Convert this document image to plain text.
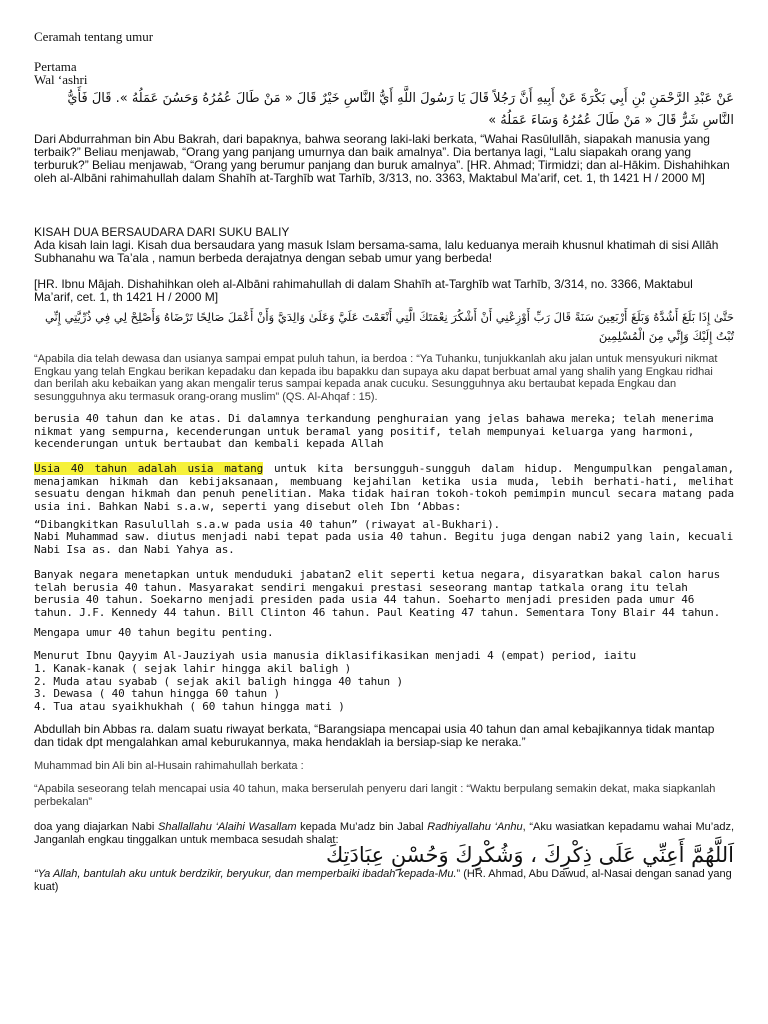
Ceramah tentang umur
Pertama
Wal ‘ashri
عَنْ عَبْدِ الرَّحْمَنِ بْنِ أَبِي بَكْرَةَ عَنْ أَبِيهِ أَنَّ رَجُلاً قَالَ يَا رَسُولَ اللَّهِ أَيُّ النَّاسِ خَيْرٌ قَالَ « مَنْ طَالَ عُمُرُهُ وَحَسُنَ عَمَلُهُ ». قَالَ فَأَيُّ النَّاسِ شَرٌّ قَالَ « مَنْ طَالَ عُمُرُهُ وَسَاءَ عَمَلُهُ »
Dari Abdurrahman bin Abu Bakrah, dari bapaknya, bahwa seorang laki-laki berkata, “Wahai Rasūlullāh, siapakah manusia yang terbaik?” Beliau menjawab, “Orang yang panjang umurnya dan baik amalnya”. Dia bertanya lagi, “Lalu siapakah orang yang terburuk?” Beliau menjawab, “Orang yang berumur panjang dan buruk amalnya”. [HR. Ahmad; Tirmidzi; dan al-Hākim. Dishahihkan oleh al-Albāni rahimahullah dalam Shahīh at-Targhīb wat Tarhīb, 3/313, no. 3363, Maktabul Ma’arif, cet. 1, th 1421 H / 2000 M]
KISAH DUA BERSAUDARA DARI SUKU BALIY
Ada kisah lain lagi. Kisah dua bersaudara yang masuk Islam bersama-sama, lalu keduanya meraih khusnul khatimah di sisi Allāh Subhanahu wa Ta’ala , namun berbeda derajatnya dengan sebab umur yang berbeda!
[HR. Ibnu Mājah. Dishahihkan oleh al-Albāni rahimahullah di dalam Shahīh at-Targhīb wat Tarhīb, 3/314, no. 3366, Maktabul Ma’arif, cet. 1, th 1421 H / 2000 M]
حَتَّىٰ إِذَا بَلَغَ أَشُدَّهُ وَبَلَغَ أَرْبَعِينَ سَنَةً قَالَ رَبِّ أَوْزِعْنِي أَنْ أَشْكُرَ نِعْمَتَكَ الَّتِي أَنْعَمْتَ عَلَيَّ وَعَلَىٰ وَالِدَيَّ وَأَنْ أَعْمَلَ صَالِحًا تَرْضَاهُ وَأَصْلِحْ لِي فِي ذُرِّيَّتِي إِنِّي تُبْتُ إِلَيْكَ وَإِنِّي مِنَ الْمُسْلِمِينَ
“Apabila dia telah dewasa dan usianya sampai empat puluh tahun, ia berdoa : “Ya Tuhanku, tunjukkanlah aku jalan untuk mensyukuri nikmat Engkau yang telah Engkau berikan kepadaku dan kepada ibu bapakku dan supaya aku dapat berbuat amal yang shalih yang Engkau ridhai dan berilah aku kebaikan yang akan mengalir terus sampai kepada anak cucuku. Sesungguhnya aku bertaubat kepada Engkau dan sesungguhnya aku termasuk orang-orang muslim” (QS. Al-Ahqaf : 15).
berusia 40 tahun dan ke atas. Di dalamnya terkandung penghuraian yang jelas bahawa mereka; telah menerima nikmat yang sempurna, kecenderungan untuk beramal yang positif, telah mempunyai keluarga yang harmoni, kecenderungan untuk bertaubat dan kembali kepada Allah
Usia 40 tahun adalah usia matang untuk kita bersungguh-sungguh dalam hidup. Mengumpulkan pengalaman, menajamkan hikmah dan kebijaksanaan, membuang kejahilan ketika usia muda, lebih berhati-hati, melihat sesuatu dengan hikmah dan penuh penelitian. Maka tidak hairan tokoh-tokoh pemimpin muncul secara matang pada usia ini. Bahkan Nabi s.a.w, seperti yang disebut oleh Ibn ‘Abbas:
“Dibangkitkan Rasulullah s.a.w pada usia 40 tahun” (riwayat al-Bukhari).
Nabi Muhammad saw. diutus menjadi nabi tepat pada usia 40 tahun. Begitu juga dengan nabi2 yang lain, kecuali Nabi Isa as. dan Nabi Yahya as.
Banyak negara menetapkan untuk menduduki jabatan2 elit seperti ketua negara, disyaratkan bakal calon harus telah berusia 40 tahun. Masyarakat sendiri mengakui prestasi seseorang mantap tatkala orang itu telah berusia 40 tahun. Soekarno menjadi presiden pada usia 44 tahun. Soeharto menjadi presiden pada umur 46 tahun. J.F. Kennedy 44 tahun. Bill Clinton 46 tahun. Paul Keating 47 tahun. Sementara Tony Blair 44 tahun.
Mengapa umur 40 tahun begitu penting.
Menurut Ibnu Qayyim Al-Jauziyah usia manusia diklasifikasikan menjadi 4 (empat) period, iaitu
1. Kanak-kanak ( sejak lahir hingga akil baligh )
2. Muda atau syabab ( sejak akil baligh hingga 40 tahun )
3. Dewasa ( 40 tahun hingga 60 tahun )
4. Tua atau syaikhukhah ( 60 tahun hingga mati )
Abdullah bin Abbas ra. dalam suatu riwayat berkata, “Barangsiapa mencapai usia 40 tahun dan amal kebajikannya tidak mantap dan tidak dpt mengalahkan amal keburukannya, maka hendaklah ia bersiap-siap ke neraka.”
Muhammad bin Ali bin al-Husain rahimahullah berkata :
“Apabila seseorang telah mencapai usia 40 tahun, maka berserulah penyeru dari langit : “Waktu berpulang semakin dekat, maka siapkanlah perbekalan”
doa yang diajarkan Nabi Shallallahu ‘Alaihi Wasallam kepada Mu’adz bin Jabal Radhiyallahu ‘Anhu, “Aku wasiatkan kepadamu wahai Mu’adz, Janganlah engkau tinggalkan untuk membaca sesudah shalat:
اَللَّهُمَّ أَعِنِّي عَلَى ذِكْرِكَ ، وَشُكْرِكَ وَحُسْنِ عِبَادَتِكَ
“Ya Allah, bantulah aku untuk berdzikir, beryukur, dan memperbaiki ibadah kepada-Mu.” (HR. Ahmad, Abu Dawud, al-Nasai dengan sanad yang kuat)
